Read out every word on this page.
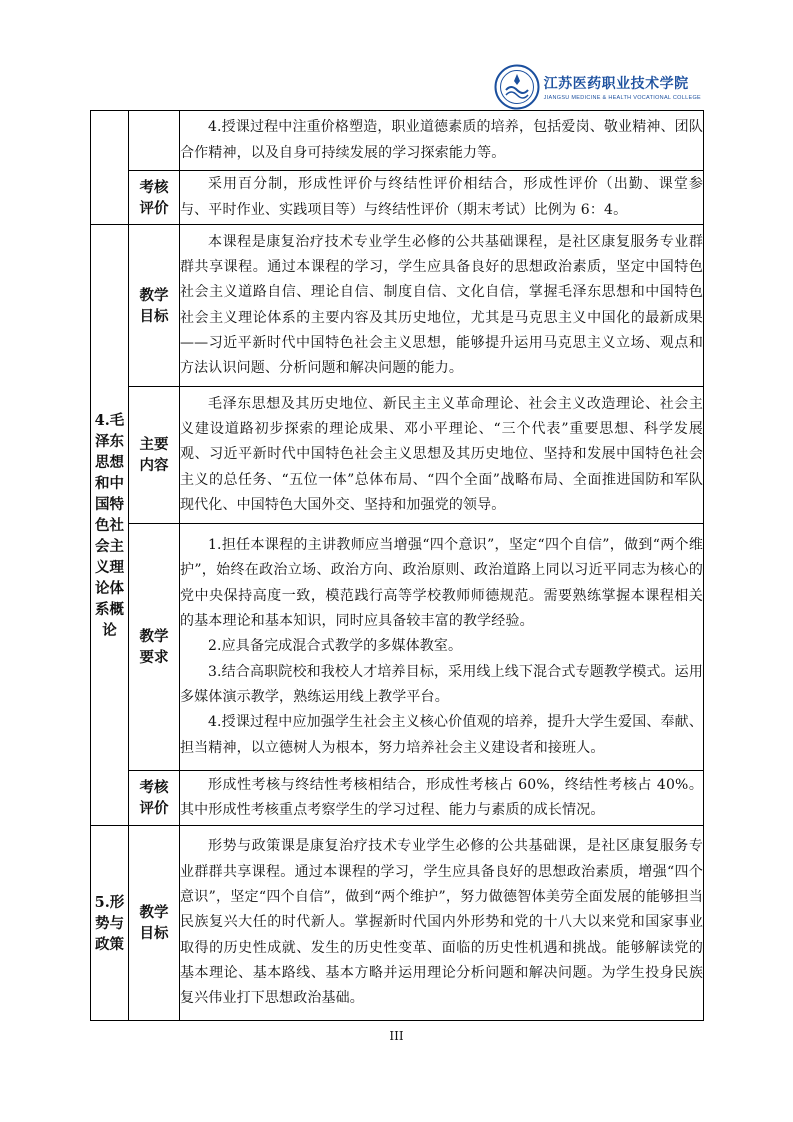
江苏医药职业技术学院
JIANGSU MEDICINE & HEALTH VOCATIONAL COLLEGE

		4.授课过程中注重价格塑造，职业道德素质的培养，包括爱岗、敬业精神、团队合作精神，以及自身可持续发展的学习探索能力等。

	考核评价	采用百分制，形成性评价与终结性评价相结合，形成性评价（出勤、课堂参与、平时作业、实践项目等）与终结性评价（期末考试）比例为 6：4。

4.毛泽东思想和中国特色社会主义理论体系概论	教学目标	本课程是康复治疗技术专业学生必修的公共基础课程，是社区康复服务专业群群共享课程。通过本课程的学习，学生应具备良好的思想政治素质，坚定中国特色社会主义道路自信、理论自信、制度自信、文化自信，掌握毛泽东思想和中国特色社会主义理论体系的主要内容及其历史地位，尤其是马克思主义中国化的最新成果——习近平新时代中国特色社会主义思想，能够提升运用马克思主义立场、观点和方法认识问题、分析问题和解决问题的能力。

	主要内容	毛泽东思想及其历史地位、新民主主义革命理论、社会主义改造理论、社会主义建设道路初步探索的理论成果、邓小平理论、“三个代表”重要思想、科学发展观、习近平新时代中国特色社会主义思想及其历史地位、坚持和发展中国特色社会主义的总任务、“五位一体”总体布局、“四个全面”战略布局、全面推进国防和军队现代化、中国特色大国外交、坚持和加强党的领导。

	教学要求	1.担任本课程的主讲教师应当增强“四个意识”，坚定“四个自信”，做到“两个维护”，始终在政治立场、政治方向、政治原则、政治道路上同以习近平同志为核心的党中央保持高度一致，模范践行高等学校教师师德规范。需要熟练掌握本课程相关的基本理论和基本知识，同时应具备较丰富的教学经验。

2.应具备完成混合式教学的多媒体教室。

3.结合高职院校和我校人才培养目标，采用线上线下混合式专题教学模式。运用多媒体演示教学，熟练运用线上教学平台。

4.授课过程中应加强学生社会主义核心价值观的培养，提升大学生爱国、奉献、担当精神，以立德树人为根本，努力培养社会主义建设者和接班人。

	考核评价	形成性考核与终结性考核相结合，形成性考核占 60%，终结性考核占 40%。其中形成性考核重点考察学生的学习过程、能力与素质的成长情况。

5.形势与政策	教学目标	形势与政策课是康复治疗技术专业学生必修的公共基础课，是社区康复服务专业群群共享课程。通过本课程的学习，学生应具备良好的思想政治素质，增强“四个意识”，坚定“四个自信”，做到“两个维护”，努力做德智体美劳全面发展的能够担当民族复兴大任的时代新人。掌握新时代国内外形势和党的十八大以来党和国家事业取得的历史性成就、发生的历史性变革、面临的历史性机遇和挑战。能够解读党的基本理论、基本路线、基本方略并运用理论分析问题和解决问题。为学生投身民族复兴伟业打下思想政治基础。

III
